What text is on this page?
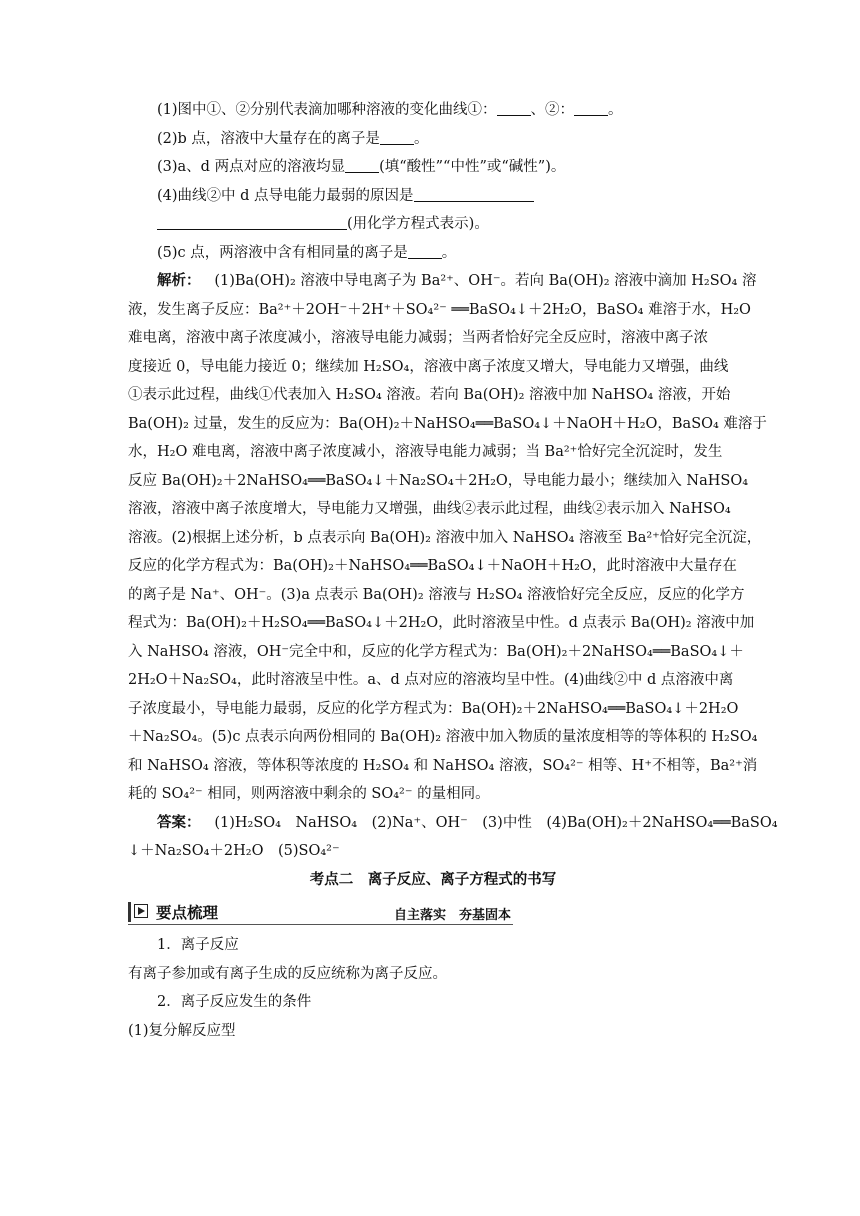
(1)图中①、②分别代表滴加哪种溶液的变化曲线①： 、②： 。
(2)b 点，溶液中大量存在的离子是 。
(3)a、d 两点对应的溶液均显 (填“酸性”“中性”或“碱性”)。
(4)曲线②中 d 点导电能力最弱的原因是
(用化学方程式表示)。
(5)c 点，两溶液中含有相同量的离子是 。
解析： (1)Ba(OH)₂ 溶液中导电离子为 Ba²⁺、OH⁻。若向 Ba(OH)₂ 溶液中滴加 H₂SO₄ 溶
液，发生离子反应：Ba²⁺＋2OH⁻＋2H⁺＋SO₄²⁻ ══BaSO₄↓＋2H₂O，BaSO₄ 难溶于水，H₂O
难电离，溶液中离子浓度减小，溶液导电能力减弱；当两者恰好完全反应时，溶液中离子浓
度接近 0，导电能力接近 0；继续加 H₂SO₄，溶液中离子浓度又增大，导电能力又增强，曲线
①表示此过程，曲线①代表加入 H₂SO₄ 溶液。若向 Ba(OH)₂ 溶液中加 NaHSO₄ 溶液，开始
Ba(OH)₂ 过量，发生的反应为：Ba(OH)₂＋NaHSO₄══BaSO₄↓＋NaOH＋H₂O，BaSO₄ 难溶于
水，H₂O 难电离，溶液中离子浓度减小，溶液导电能力减弱；当 Ba²⁺恰好完全沉淀时，发生
反应 Ba(OH)₂＋2NaHSO₄══BaSO₄↓＋Na₂SO₄＋2H₂O，导电能力最小；继续加入 NaHSO₄
溶液，溶液中离子浓度增大，导电能力又增强，曲线②表示此过程，曲线②表示加入 NaHSO₄
溶液。(2)根据上述分析，b 点表示向 Ba(OH)₂ 溶液中加入 NaHSO₄ 溶液至 Ba²⁺恰好完全沉淀，
反应的化学方程式为：Ba(OH)₂＋NaHSO₄══BaSO₄↓＋NaOH＋H₂O，此时溶液中大量存在
的离子是 Na⁺、OH⁻。(3)a 点表示 Ba(OH)₂ 溶液与 H₂SO₄ 溶液恰好完全反应，反应的化学方
程式为：Ba(OH)₂＋H₂SO₄══BaSO₄↓＋2H₂O，此时溶液呈中性。d 点表示 Ba(OH)₂ 溶液中加
入 NaHSO₄ 溶液，OH⁻完全中和，反应的化学方程式为：Ba(OH)₂＋2NaHSO₄══BaSO₄↓＋
2H₂O＋Na₂SO₄，此时溶液呈中性。a、d 点对应的溶液均呈中性。(4)曲线②中 d 点溶液中离
子浓度最小，导电能力最弱，反应的化学方程式为：Ba(OH)₂＋2NaHSO₄══BaSO₄↓＋2H₂O
＋Na₂SO₄。(5)c 点表示向两份相同的 Ba(OH)₂ 溶液中加入物质的量浓度相等的等体积的 H₂SO₄
和 NaHSO₄ 溶液，等体积等浓度的 H₂SO₄ 和 NaHSO₄ 溶液，SO₄²⁻ 相等、H⁺不相等，Ba²⁺消
耗的 SO₄²⁻ 相同，则两溶液中剩余的 SO₄²⁻ 的量相同。
答案： (1)H₂SO₄　NaHSO₄　(2)Na⁺、OH⁻　(3)中性　(4)Ba(OH)₂＋2NaHSO₄══BaSO₄
↓＋Na₂SO₄＋2H₂O　(5)SO₄²⁻
考点二　离子反应、离子方程式的书写
要点梳理	自主落实　夯基固本
1．离子反应
有离子参加或有离子生成的反应统称为离子反应。
2．离子反应发生的条件
(1)复分解反应型
